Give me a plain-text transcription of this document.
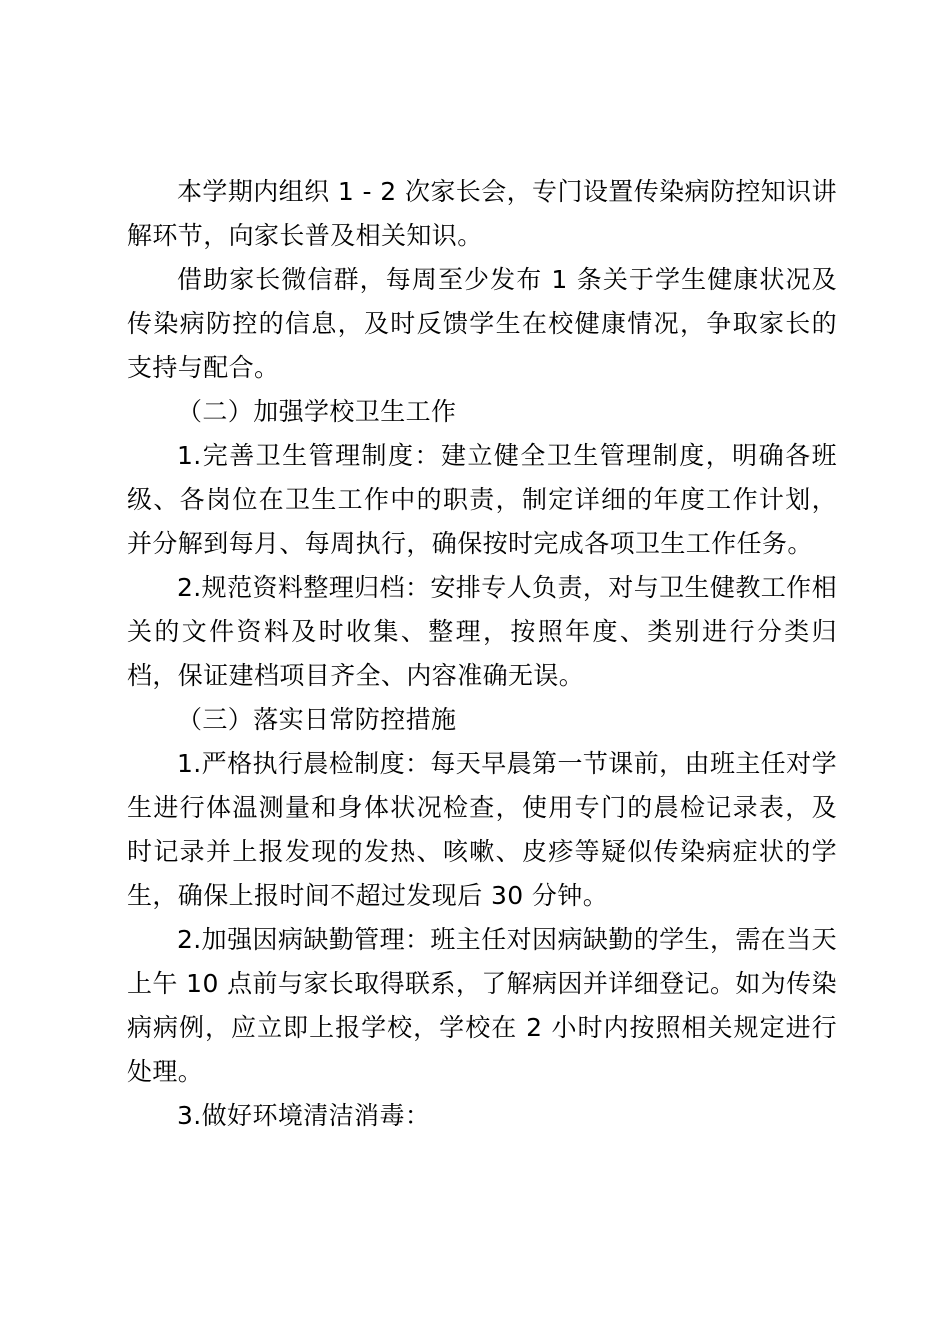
本学期内组织 1 - 2 次家长会，专门设置传染病防控知识讲解环节，向家长普及相关知识。

借助家长微信群，每周至少发布 1 条关于学生健康状况及传染病防控的信息，及时反馈学生在校健康情况，争取家长的支持与配合。

（二）加强学校卫生工作

1.完善卫生管理制度：建立健全卫生管理制度，明确各班级、各岗位在卫生工作中的职责，制定详细的年度工作计划，并分解到每月、每周执行，确保按时完成各项卫生工作任务。

2.规范资料整理归档：安排专人负责，对与卫生健教工作相关的文件资料及时收集、整理，按照年度、类别进行分类归档，保证建档项目齐全、内容准确无误。

（三）落实日常防控措施

1.严格执行晨检制度：每天早晨第一节课前，由班主任对学生进行体温测量和身体状况检查，使用专门的晨检记录表，及时记录并上报发现的发热、咳嗽、皮疹等疑似传染病症状的学生，确保上报时间不超过发现后 30 分钟。

2.加强因病缺勤管理：班主任对因病缺勤的学生，需在当天上午 10 点前与家长取得联系，了解病因并详细登记。如为传染病病例，应立即上报学校，学校在 2 小时内按照相关规定进行处理。

3.做好环境清洁消毒：
